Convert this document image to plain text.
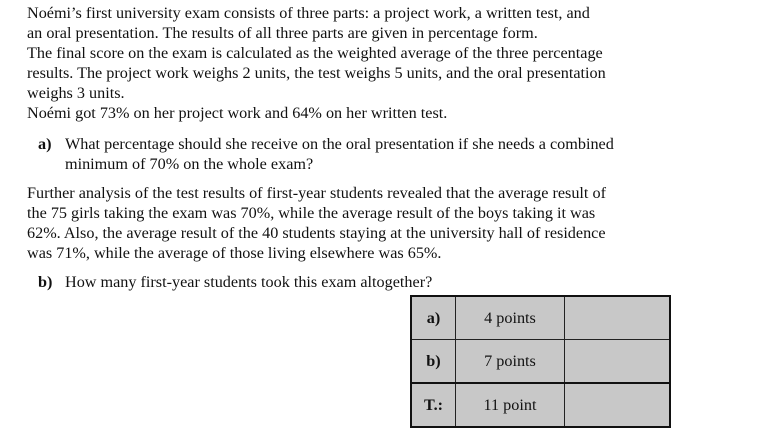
Noémi’s first university exam consists of three parts: a project work, a written test, and
an oral presentation. The results of all three parts are given in percentage form.
The final score on the exam is calculated as the weighted average of the three percentage
results. The project work weighs 2 units, the test weighs 5 units, and the oral presentation
weighs 3 units.
Noémi got 73% on her project work and 64% on her written test.
a) What percentage should she receive on the oral presentation if she needs a combined
minimum of 70% on the whole exam?
Further analysis of the test results of first-year students revealed that the average result of
the 75 girls taking the exam was 70%, while the average result of the boys taking it was
62%. Also, the average result of the 40 students staying at the university hall of residence
was 71%, while the average of those living elsewhere was 65%.
b) How many first-year students took this exam altogether?
a)	4 points	
b)	7 points	
T.:	11 point	
